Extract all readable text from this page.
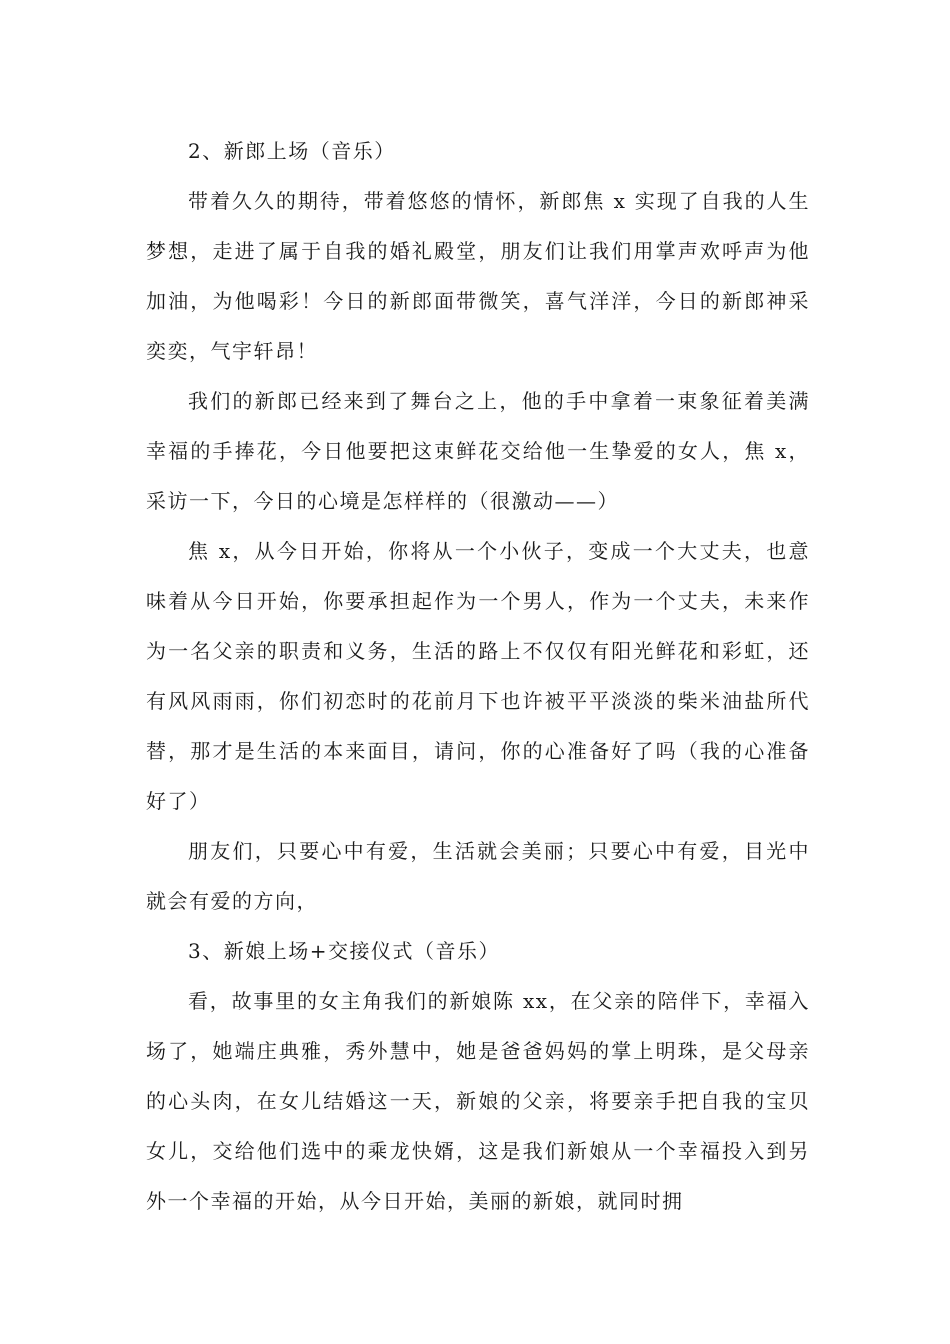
2、新郎上场（音乐）

带着久久的期待，带着悠悠的情怀，新郎焦 x 实现了自我的人生梦想，走进了属于自我的婚礼殿堂，朋友们让我们用掌声欢呼声为他加油，为他喝彩！今日的新郎面带微笑，喜气洋洋，今日的新郎神采奕奕，气宇轩昂！

我们的新郎已经来到了舞台之上，他的手中拿着一束象征着美满幸福的手捧花，今日他要把这束鲜花交给他一生挚爱的女人，焦 x，采访一下，今日的心境是怎样样的（很激动——）

焦 x，从今日开始，你将从一个小伙子，变成一个大丈夫，也意味着从今日开始，你要承担起作为一个男人，作为一个丈夫，未来作为一名父亲的职责和义务，生活的路上不仅仅有阳光鲜花和彩虹，还有风风雨雨，你们初恋时的花前月下也许被平平淡淡的柴米油盐所代替，那才是生活的本来面目，请问，你的心准备好了吗（我的心准备好了）

朋友们，只要心中有爱，生活就会美丽；只要心中有爱，目光中就会有爱的方向，

3、新娘上场+交接仪式（音乐）

看，故事里的女主角我们的新娘陈 xx，在父亲的陪伴下，幸福入场了，她端庄典雅，秀外慧中，她是爸爸妈妈的掌上明珠，是父母亲的心头肉，在女儿结婚这一天，新娘的父亲，将要亲手把自我的宝贝女儿，交给他们选中的乘龙快婿，这是我们新娘从一个幸福投入到另外一个幸福的开始，从今日开始，美丽的新娘，就同时拥
